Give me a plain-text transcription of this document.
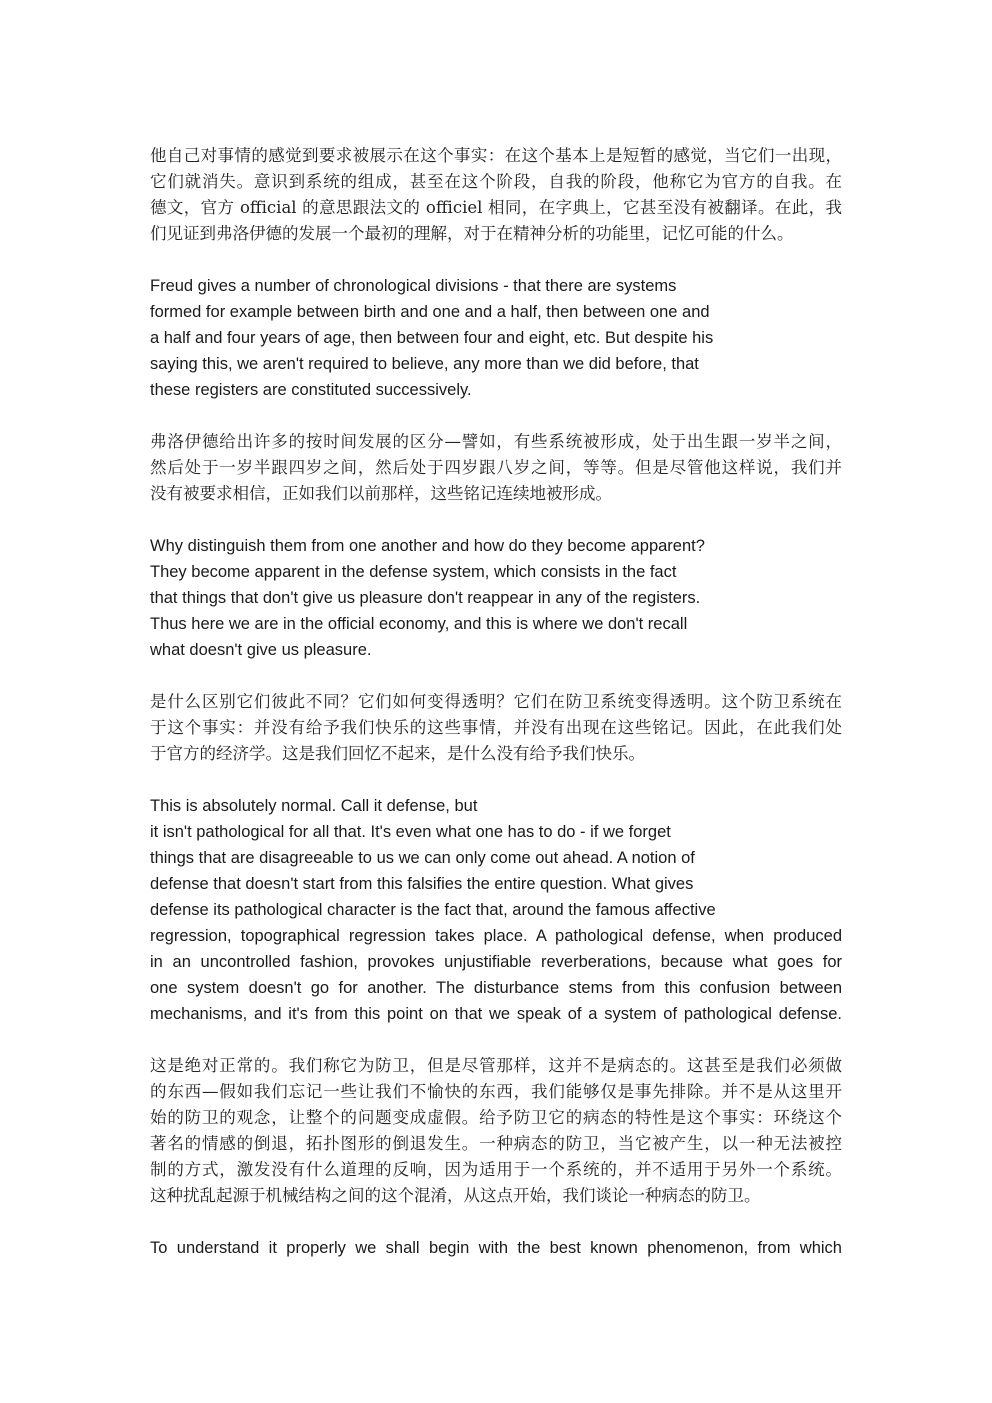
他自己对事情的感觉到要求被展示在这个事实：在这个基本上是短暂的感觉，当它们一出现，
它们就消失。意识到系统的组成，甚至在这个阶段，自我的阶段，他称它为官方的自我。在
德文，官方 official 的意思跟法文的 officiel 相同，在字典上，它甚至没有被翻译。在此，我
们见证到弗洛伊德的发展一个最初的理解，对于在精神分析的功能里，记忆可能的什么。

Freud gives a number of chronological divisions - that there are systems
formed for example between birth and one and a half, then between one and
a half and four years of age, then between four and eight, etc. But despite his
saying this, we aren't required to believe, any more than we did before, that
these registers are constituted successively.

弗洛伊德给出许多的按时间发展的区分—譬如，有些系统被形成，处于出生跟一岁半之间，
然后处于一岁半跟四岁之间，然后处于四岁跟八岁之间，等等。但是尽管他这样说，我们并
没有被要求相信，正如我们以前那样，这些铭记连续地被形成。

Why distinguish them from one another and how do they become apparent?
They become apparent in the defense system, which consists in the fact
that things that don't give us pleasure don't reappear in any of the registers.
Thus here we are in the official economy, and this is where we don't recall
what doesn't give us pleasure.

是什么区别它们彼此不同？它们如何变得透明？它们在防卫系统变得透明。这个防卫系统在
于这个事实：并没有给予我们快乐的这些事情，并没有出现在这些铭记。因此，在此我们处
于官方的经济学。这是我们回忆不起来，是什么没有给予我们快乐。

This is absolutely normal. Call it defense, but
it isn't pathological for all that. It's even what one has to do - if we forget
things that are disagreeable to us we can only come out ahead. A notion of
defense that doesn't start from this falsifies the entire question. What gives
defense its pathological character is the fact that, around the famous affective
regression, topographical regression takes place. A pathological defense, when produced
in an uncontrolled fashion, provokes unjustifiable reverberations, because what goes for
one system doesn't go for another. The disturbance stems from this confusion between
mechanisms, and it's from this point on that we speak of a system of pathological defense.

这是绝对正常的。我们称它为防卫，但是尽管那样，这并不是病态的。这甚至是我们必须做
的东西—假如我们忘记一些让我们不愉快的东西，我们能够仅是事先排除。并不是从这里开
始的防卫的观念，让整个的问题变成虚假。给予防卫它的病态的特性是这个事实：环绕这个
著名的情感的倒退，拓扑图形的倒退发生。一种病态的防卫，当它被产生，以一种无法被控
制的方式，激发没有什么道理的反响，因为适用于一个系统的，并不适用于另外一个系统。
这种扰乱起源于机械结构之间的这个混淆，从这点开始，我们谈论一种病态的防卫。

To understand it properly we shall begin with the best known phenomenon, from which
